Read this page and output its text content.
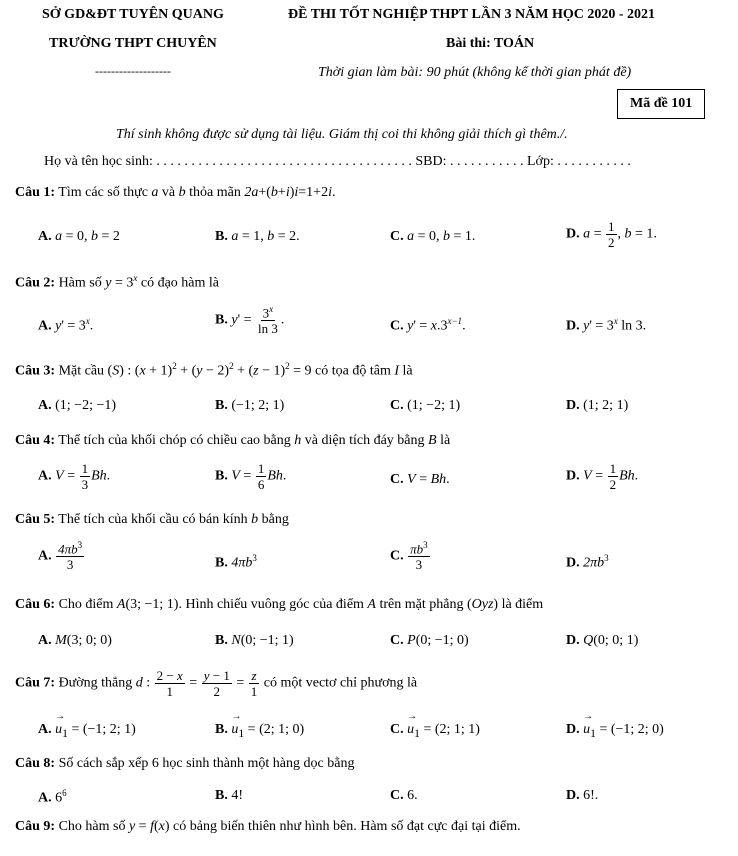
SỞ GD&ĐT TUYÊN QUANG
TRƯỜNG THPT CHUYÊN
-------------------
ĐỀ THI TỐT NGHIỆP THPT LẦN 3 NĂM HỌC 2020 - 2021
Bài thi: TOÁN
Thời gian làm bài: 90 phút (không kể thời gian phát đề)
Mã đề 101
Thí sinh không được sử dụng tài liệu. Giám thị coi thi không giải thích gì thêm./.
Họ và tên học sinh: . . . . . . . . . . . . . . . . . . . . . . . . . . . . . . . . . . . . . SBD: . . . . . . . . . . . Lớp: . . . . . . . . . . .
Câu 1: Tìm các số thực a và b thỏa mãn 2a+(b+i)i=1+2i.
A. a = 0, b = 2	B. a = 1, b = 2.	C. a = 0, b = 1.	D. $a = \frac{1}{2}$ , b = 1.
Câu 2: Hàm số $y = 3^x$ có đạo hàm là
A. $y' = 3^x$.	B. $y' = \frac{3^x}{\ln 3}$ .	C. $y' = x.3^{x-1}$.	D. $y' = 3^x$ ln 3.
Câu 3: Mặt cầu (S) : $(x + 1)^2 + (y - 2)^2 + (z - 1)^2 = 9$ có tọa độ tâm I là
A. (1; −2; −1)	B. (−1; 2; 1)	C. (1; −2; 1)	D. (1; 2; 1)
Câu 4: Thể tích của khối chóp có chiều cao bằng h và diện tích đáy bằng B là
A. $V = \frac{1}{3} Bh$.	B. $V = \frac{1}{6} Bh$.	C. V = Bh.	D. $V = \frac{1}{2} Bh$.
Câu 5: Thể tích của khối cầu có bán kính b bằng
A. $\frac{4\pi b^3}{3}$	B. $4\pi b^3$	C. $\frac{\pi b^3}{3}$	D. $2\pi b^3$
Câu 6: Cho điểm A(3; −1; 1). Hình chiếu vuông góc của điểm A trên mặt phẳng (Oyz) là điểm
A. M(3; 0; 0)	B. N(0; −1; 1)	C. P(0; −1; 0)	D. Q(0; 0; 1)
Câu 7: Đường thẳng d : $\frac{2 - x}{1} = \frac{y - 1}{2} = \frac{z}{1}$ có một vectơ chỉ phương là
A. → $u_1 = (-1$; 2; 1)	B. → $u_1 = (2$; 1; 0)	C. → $u_1 = (2$; 1; 1)	D. → $u_1 = (-1$; 2; 0)
Câu 8: Số cách sắp xếp 6 học sinh thành một hàng dọc bằng
A. $6^6$	B. 4!	C. 6.	D. 6!.
Câu 9: Cho hàm số y = f(x) có bảng biến thiên như hình bên. Hàm số đạt cực đại tại điểm.
